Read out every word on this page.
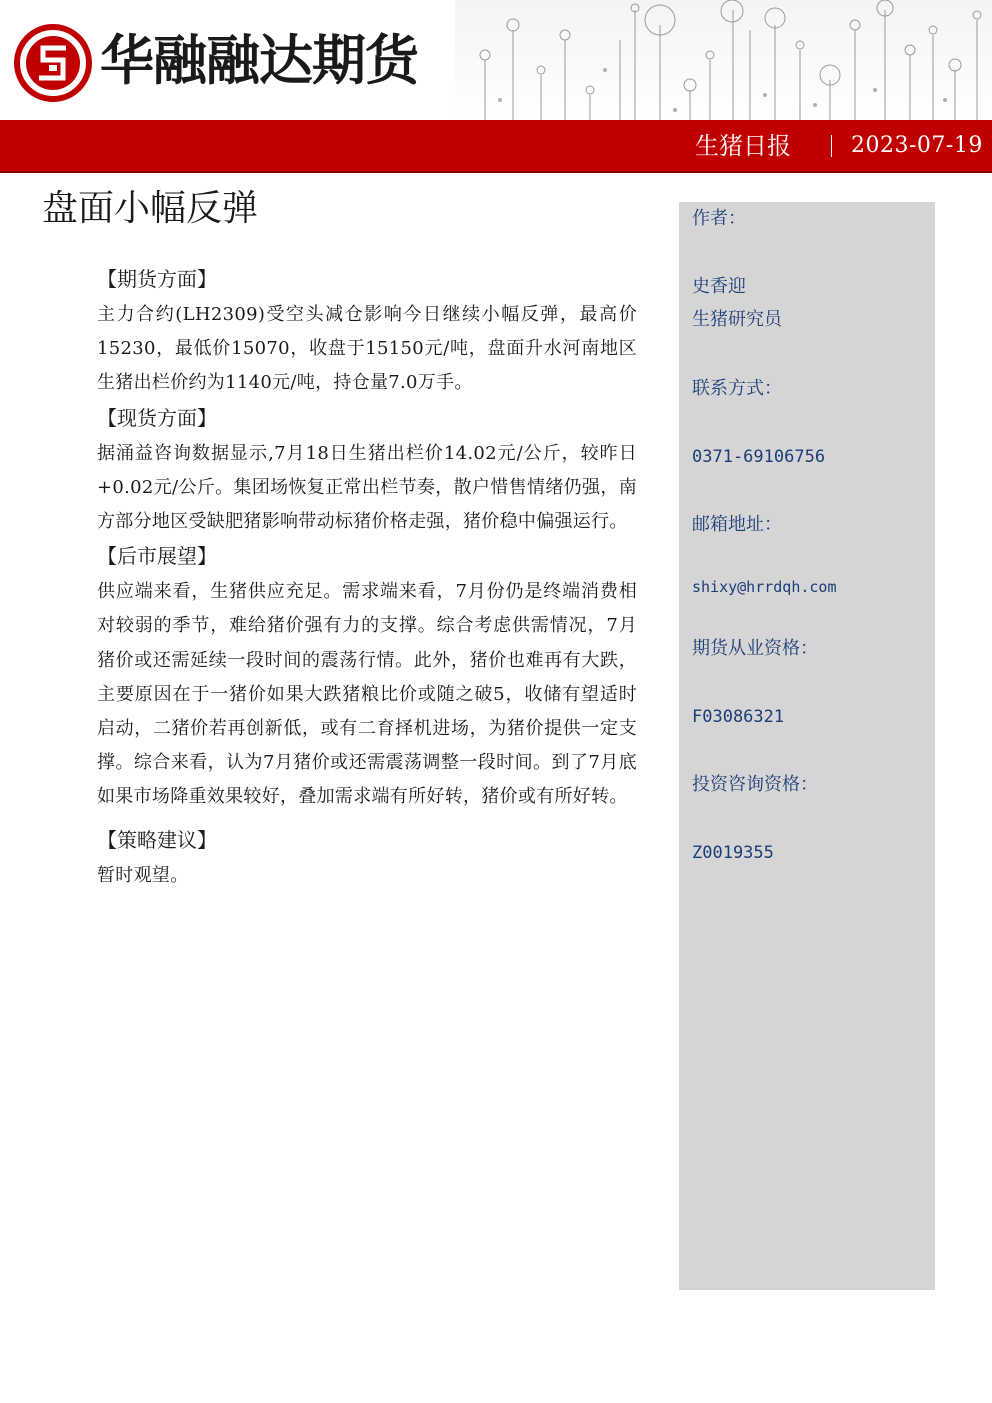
华融融达期货
生猪日报	2023-07-19
盘面小幅反弹
【期货方面】

主力合约(LH2309)受空头减仓影响今日继续小幅反弹，最高价15230，最低价15070，收盘于15150元/吨，盘面升水河南地区生猪出栏价约为1140元/吨，持仓量7.0万手。

【现货方面】

据涌益咨询数据显示,7月18日生猪出栏价14.02元/公斤，较昨日+0.02元/公斤。集团场恢复正常出栏节奏，散户惜售情绪仍强，南方部分地区受缺肥猪影响带动标猪价格走强，猪价稳中偏强运行。

【后市展望】

供应端来看，生猪供应充足。需求端来看，7月份仍是终端消费相对较弱的季节，难给猪价强有力的支撑。综合考虑供需情况，7月猪价或还需延续一段时间的震荡行情。此外，猪价也难再有大跌，主要原因在于一猪价如果大跌猪粮比价或随之破5，收储有望适时启动，二猪价若再创新低，或有二育择机进场，为猪价提供一定支撑。综合来看，认为7月猪价或还需震荡调整一段时间。到了7月底如果市场降重效果较好，叠加需求端有所好转，猪价或有所好转。

【策略建议】

暂时观望。

作者：
史香迎
生猪研究员
联系方式：
0371-69106756
邮箱地址：
shixy@hrrdqh.com
期货从业资格：
F03086321
投资咨询资格：
Z0019355
